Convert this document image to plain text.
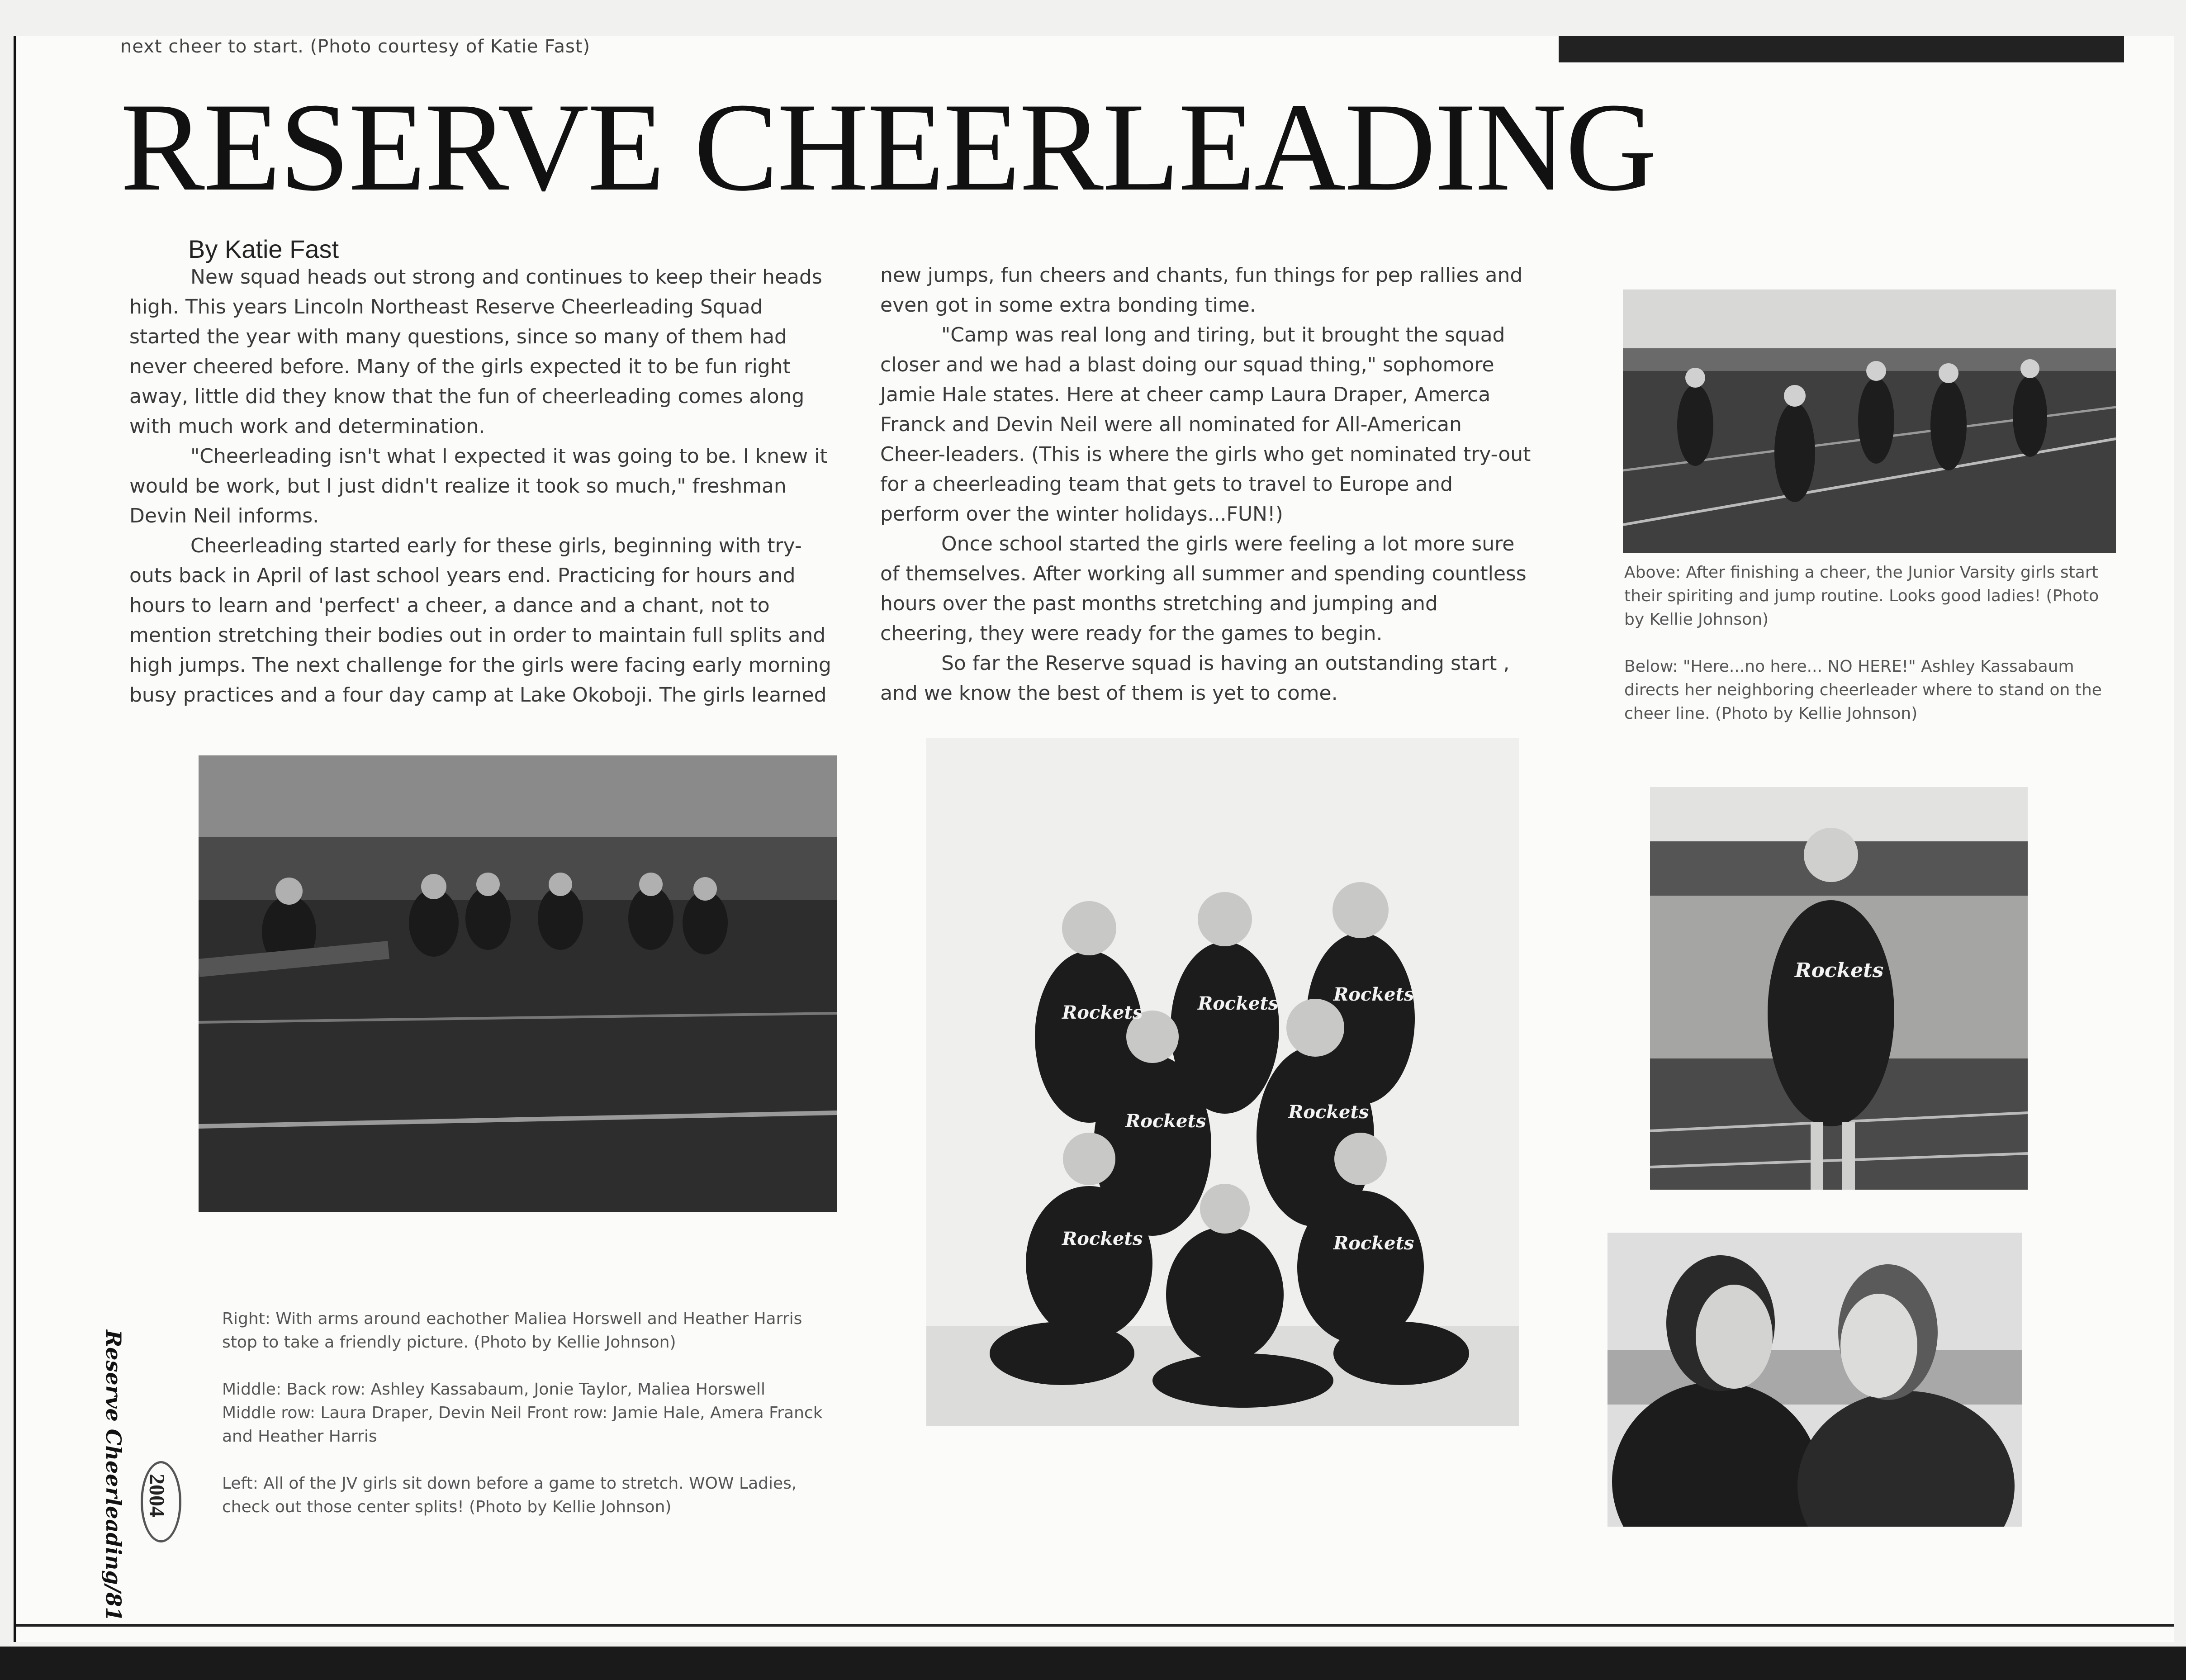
next cheer to start. (Photo courtesy of Katie Fast)
RESERVE CHEERLEADING
By Katie Fast

New squad heads out strong and continues to keep their heads high. This years Lincoln Northeast Reserve Cheerleading Squad started the year with many questions, since so many of them had never cheered before. Many of the girls expected it to be fun right away, little did they know that the fun of cheerleading comes along with much work and determination.

"Cheerleading isn't what I expected it was going to be. I knew it would be work, but I just didn't realize it took so much," freshman Devin Neil informs.

Cheerleading started early for these girls, beginning with try-outs back in April of last school years end. Practicing for hours and hours to learn and 'perfect' a cheer, a dance and a chant, not to mention stretching their bodies out in order to maintain full splits and high jumps. The next challenge for the girls were facing early morning busy practices and a four day camp at Lake Okoboji. The girls learned

new jumps, fun cheers and chants, fun things for pep rallies and even got in some extra bonding time.

"Camp was real long and tiring, but it brought the squad closer and we had a blast doing our squad thing," sophomore Jamie Hale states. Here at cheer camp Laura Draper, Amerca Franck and Devin Neil were all nominated for All-American Cheer-leaders. (This is where the girls who get nominated try-out for a cheerleading team that gets to travel to Europe and perform over the winter holidays...FUN!)

Once school started the girls were feeling a lot more sure of themselves. After working all summer and spending countless hours over the past months stretching and jumping and cheering, they were ready for the games to begin.

So far the Reserve squad is having an outstanding start , and we know the best of them is yet to come.

Above: After finishing a cheer, the Junior Varsity girls start their spiriting and jump routine. Looks good ladies! (Photo by Kellie Johnson)

Below: "Here...no here... NO HERE!" Ashley Kassabaum directs her neighboring cheerleader where to stand on the cheer line. (Photo by Kellie Johnson)

Rockets	Rockets	Rockets
Rockets	Rockets
Rockets	Rockets
Rockets

Right: With arms around eachother Maliea Horswell and Heather Harris stop to take a friendly picture. (Photo by Kellie Johnson)

Middle: Back row: Ashley Kassabaum, Jonie Taylor, Maliea Horswell Middle row: Laura Draper, Devin Neil Front row: Jamie Hale, Amera Franck and Heather Harris

Left: All of the JV girls sit down before a game to stretch. WOW Ladies, check out those center splits! (Photo by Kellie Johnson)

Reserve Cheerleading/81 2004
